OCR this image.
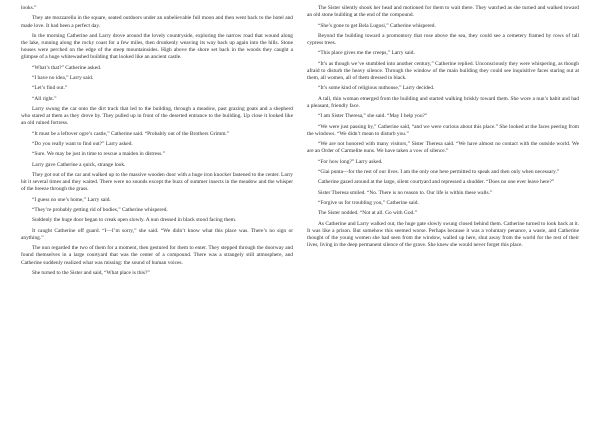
looks.”

They ate mozzarella in the square, seated outdoors under an unbelievable full moon and then went back to the hotel and made love. It had been a perfect day.

In the morning Catherine and Larry drove around the lovely countryside, exploring the narrow road that wound along the lake, running along the rocky coast for a few miles, then drunkenly weaving its way back up again into the hills. Stone houses were perched on the edge of the steep mountainsides. High above the shore set back in the woods they caught a glimpse of a huge whitewashed building that looked like an ancient castle.

“What’s that?” Catherine asked.

“I have no idea,” Larry said.

“Let’s find out.”

“All right.”

Larry swung the car onto the dirt track that led to the building, through a meadow, past grazing goats and a shepherd who stared at them as they drove by. They pulled up in front of the deserted entrance to the building. Up close it looked like an old ruined fortress.

“It must be a leftover ogre’s castle,” Catherine said. “Probably out of the Brothers Grimm.”

“Do you really want to find out?” Larry asked.

“Sure. We may be just in time to rescue a maiden in distress.”

Larry gave Catherine a quick, strange look.

They got out of the car and walked up to the massive wooden door with a huge iron knocker fastened to the center. Larry hit it several times and they waited. There were no sounds except the buzz of summer insects in the meadow and the whisper of the breeze through the grass.

“I guess no one’s home,” Larry said.

“They’re probably getting rid of bodies,” Catherine whispered.

Suddenly the huge door began to creak open slowly. A nun dressed in black stood facing them.

It caught Catherine off guard. “I—I’m sorry,” she said. “We didn’t know what this place was. There’s no sign or anything.”

The nun regarded the two of them for a moment, then gestured for them to enter. They stepped through the doorway and found themselves in a large courtyard that was the center of a compound. There was a strangely still atmosphere, and Catherine suddenly realized what was missing: the sound of human voices.

She turned to the Sister and said, “What place is this?”

The Sister silently shook her head and motioned for them to wait there. They watched as she turned and walked toward an old stone building at the end of the compound.

“She’s gone to get Bela Lugosi,” Catherine whispered.

Beyond the building toward a promontory that rose above the sea, they could see a cemetery framed by rows of tall cypress trees.

“This place gives me the creeps,” Larry said.

“It’s as though we’ve stumbled into another century,” Catherine replied. Unconsciously they were whispering, as though afraid to disturb the heavy silence. Through the window of the main building they could see inquisitive faces staring out at them, all women, all of them dressed in black.

“It’s some kind of religious nuthouse,” Larry decided.

A tall, thin woman emerged from the building and started walking briskly toward them. She wore a nun’s habit and had a pleasant, friendly face.

“I am Sister Theresa,” she said. “May I help you?”

“We were just passing by,” Catherine said, “and we were curious about this place.” She looked at the faces peering from the windows. “We didn’t mean to disturb you.”

“We are not honored with many visitors,” Sister Theresa said. “We have almost no contact with the outside world. We are an Order of Carmelite nuns. We have taken a vow of silence.”

“For how long?” Larry asked.

“Giai punta—for the rest of our lives. I am the only one here permitted to speak and then only when necessary.”

Catherine gazed around at the large, silent courtyard and repressed a shudder. “Does no one ever leave here?”

Sister Theresa smiled. “No. There is no reason to. Our life is within these walls.”

“Forgive us for troubling you,” Catherine said.

The Sister nodded. “Not at all. Go with God.”

As Catherine and Larry walked out, the huge gate slowly swung closed behind them. Catherine turned to look back at it. It was like a prison. But somehow this seemed worse. Perhaps because it was a voluntary penance, a waste, and Catherine thought of the young women she had seen from the window, walled up here, shut away from the world for the rest of their lives, living in the deep permanent silence of the grave. She knew she would never forget this place.
